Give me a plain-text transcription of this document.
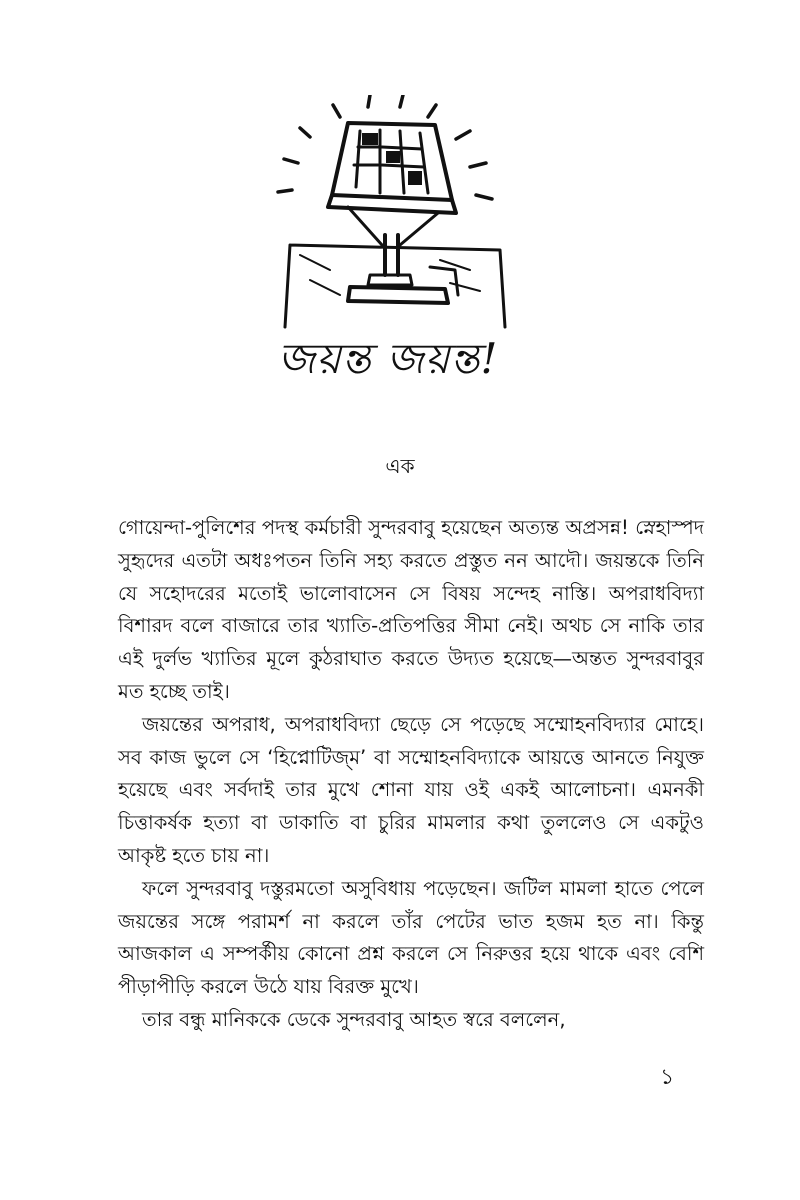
জয়ন্ত জয়ন্ত!
এক

গোয়েন্দা-পুলিশের পদস্থ কর্মচারী সুন্দরবাবু হয়েছেন অত্যন্ত অপ্রসন্ন! স্নেহাস্পদ সুহৃদের এতটা অধঃপতন তিনি সহ্য করতে প্রস্তুত নন আদৌ। জয়ন্তকে তিনি যে সহোদরের মতোই ভালোবাসেন সে বিষয় সন্দেহ নাস্তি। অপরাধবিদ্যা বিশারদ বলে বাজারে তার খ্যাতি-প্রতিপত্তির সীমা নেই। অথচ সে নাকি তার এই দুর্লভ খ্যাতির মূলে কুঠরাঘাত করতে উদ্যত হয়েছে—অন্তত সুন্দরবাবুর মত হচ্ছে তাই।

জয়ন্তের অপরাধ, অপরাধবিদ্যা ছেড়ে সে পড়েছে সম্মোহনবিদ্যার মোহে। সব কাজ ভুলে সে ‘হিপ্নোটিজ্‌ম’ বা সম্মোহনবিদ্যাকে আয়ত্তে আনতে নিযুক্ত হয়েছে এবং সর্বদাই তার মুখে শোনা যায় ওই একই আলোচনা। এমনকী চিত্তাকর্ষক হত্যা বা ডাকাতি বা চুরির মামলার কথা তুললেও সে একটুও আকৃষ্ট হতে চায় না।

ফলে সুন্দরবাবু দস্তুরমতো অসুবিধায় পড়েছেন। জটিল মামলা হাতে পেলে জয়ন্তের সঙ্গে পরামর্শ না করলে তাঁর পেটের ভাত হজম হত না। কিন্তু আজকাল এ সম্পর্কীয় কোনো প্রশ্ন করলে সে নিরুত্তর হয়ে থাকে এবং বেশি পীড়াপীড়ি করলে উঠে যায় বিরক্ত মুখে।

তার বন্ধু মানিককে ডেকে সুন্দরবাবু আহত স্বরে বললেন,

১
